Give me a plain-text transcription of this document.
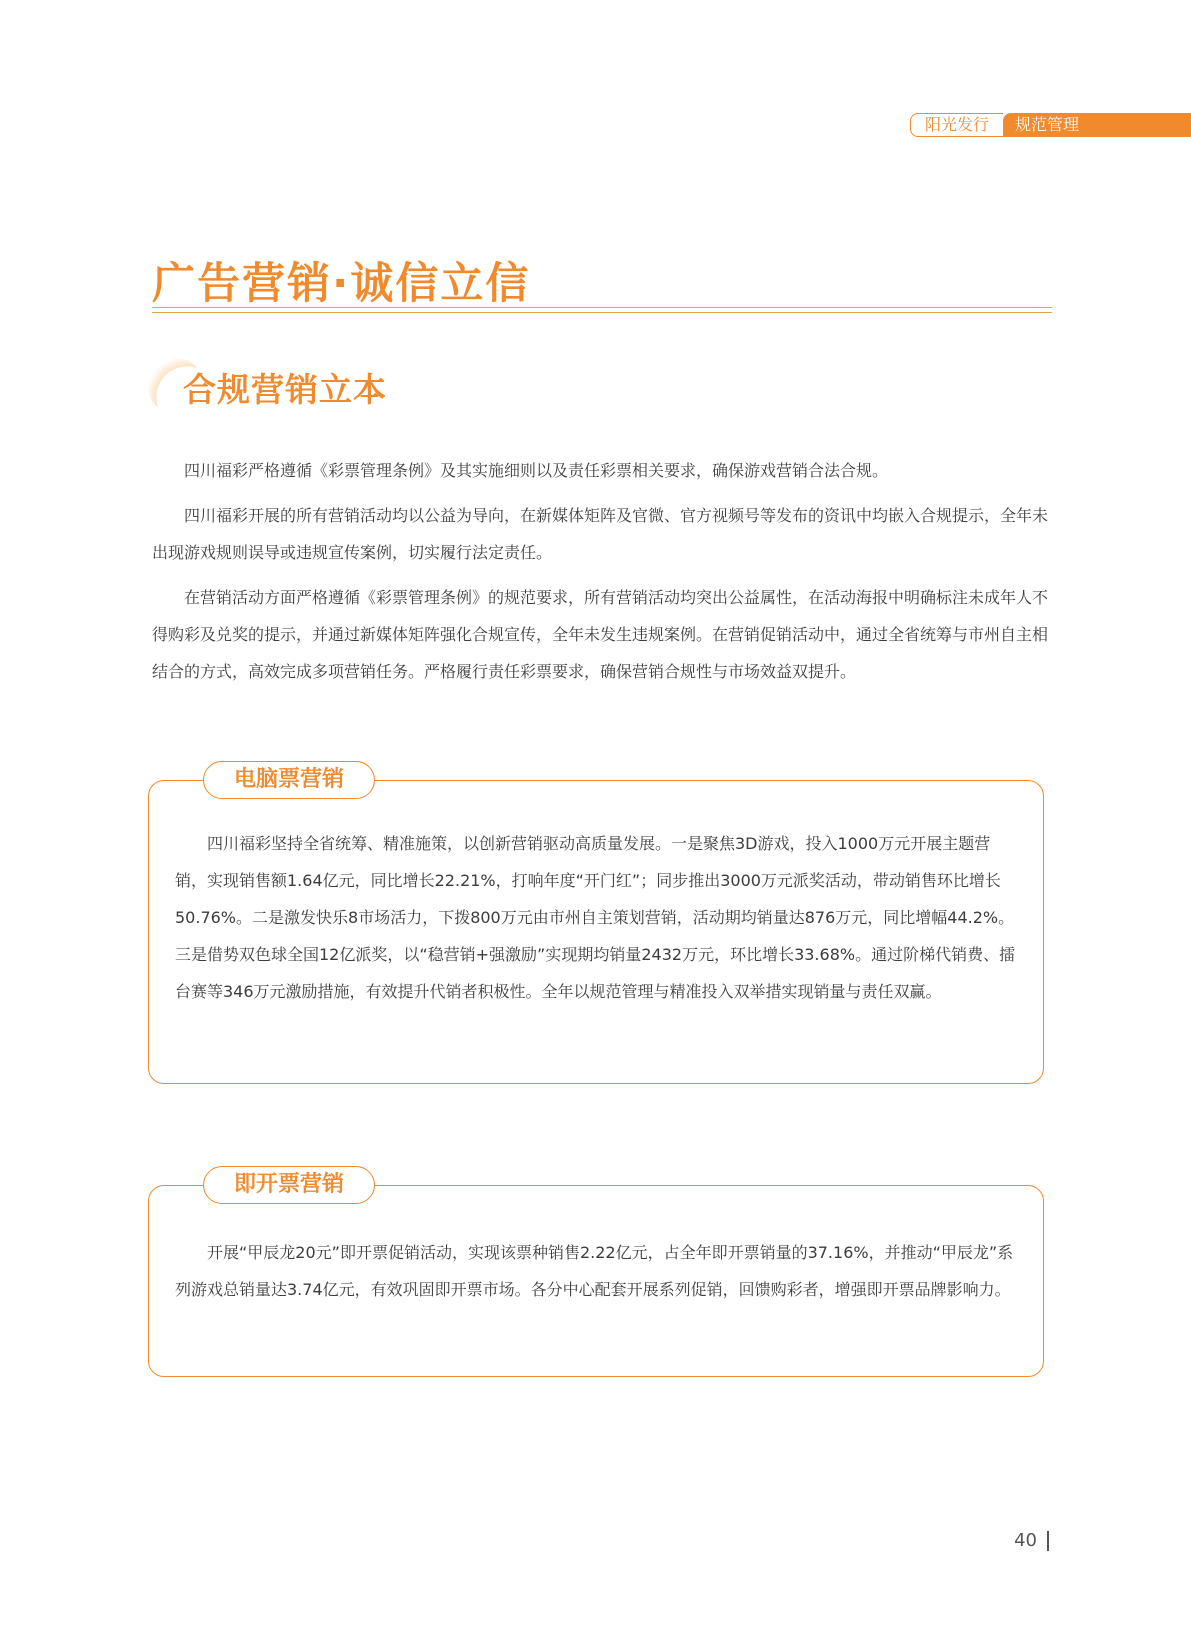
阳光发行	规范管理
广告营销·诚信立信
合规营销立本

四川福彩严格遵循《彩票管理条例》及其实施细则以及责任彩票相关要求，确保游戏营销合法合规。

四川福彩开展的所有营销活动均以公益为导向，在新媒体矩阵及官微、官方视频号等发布的资讯中均嵌入合规提示，全年未出现游戏规则误导或违规宣传案例，切实履行法定责任。

在营销活动方面严格遵循《彩票管理条例》的规范要求，所有营销活动均突出公益属性，在活动海报中明确标注未成年人不得购彩及兑奖的提示，并通过新媒体矩阵强化合规宣传，全年未发生违规案例。在营销促销活动中，通过全省统筹与市州自主相结合的方式，高效完成多项营销任务。严格履行责任彩票要求，确保营销合规性与市场效益双提升。

电脑票营销

四川福彩坚持全省统筹、精准施策，以创新营销驱动高质量发展。一是聚焦3D游戏，投入1000万元开展主题营销，实现销售额1.64亿元，同比增长22.21%，打响年度“开门红”；同步推出3000万元派奖活动，带动销售环比增长50.76%。二是激发快乐8市场活力，下拨800万元由市州自主策划营销，活动期均销量达876万元，同比增幅44.2%。三是借势双色球全国12亿派奖，以“稳营销+强激励”实现期均销量2432万元，环比增长33.68%。通过阶梯代销费、擂台赛等346万元激励措施，有效提升代销者积极性。全年以规范管理与精准投入双举措实现销量与责任双赢。

即开票营销

开展“甲辰龙20元”即开票促销活动，实现该票种销售2.22亿元，占全年即开票销量的37.16%，并推动“甲辰龙”系列游戏总销量达3.74亿元，有效巩固即开票市场。各分中心配套开展系列促销，回馈购彩者，增强即开票品牌影响力。

40
